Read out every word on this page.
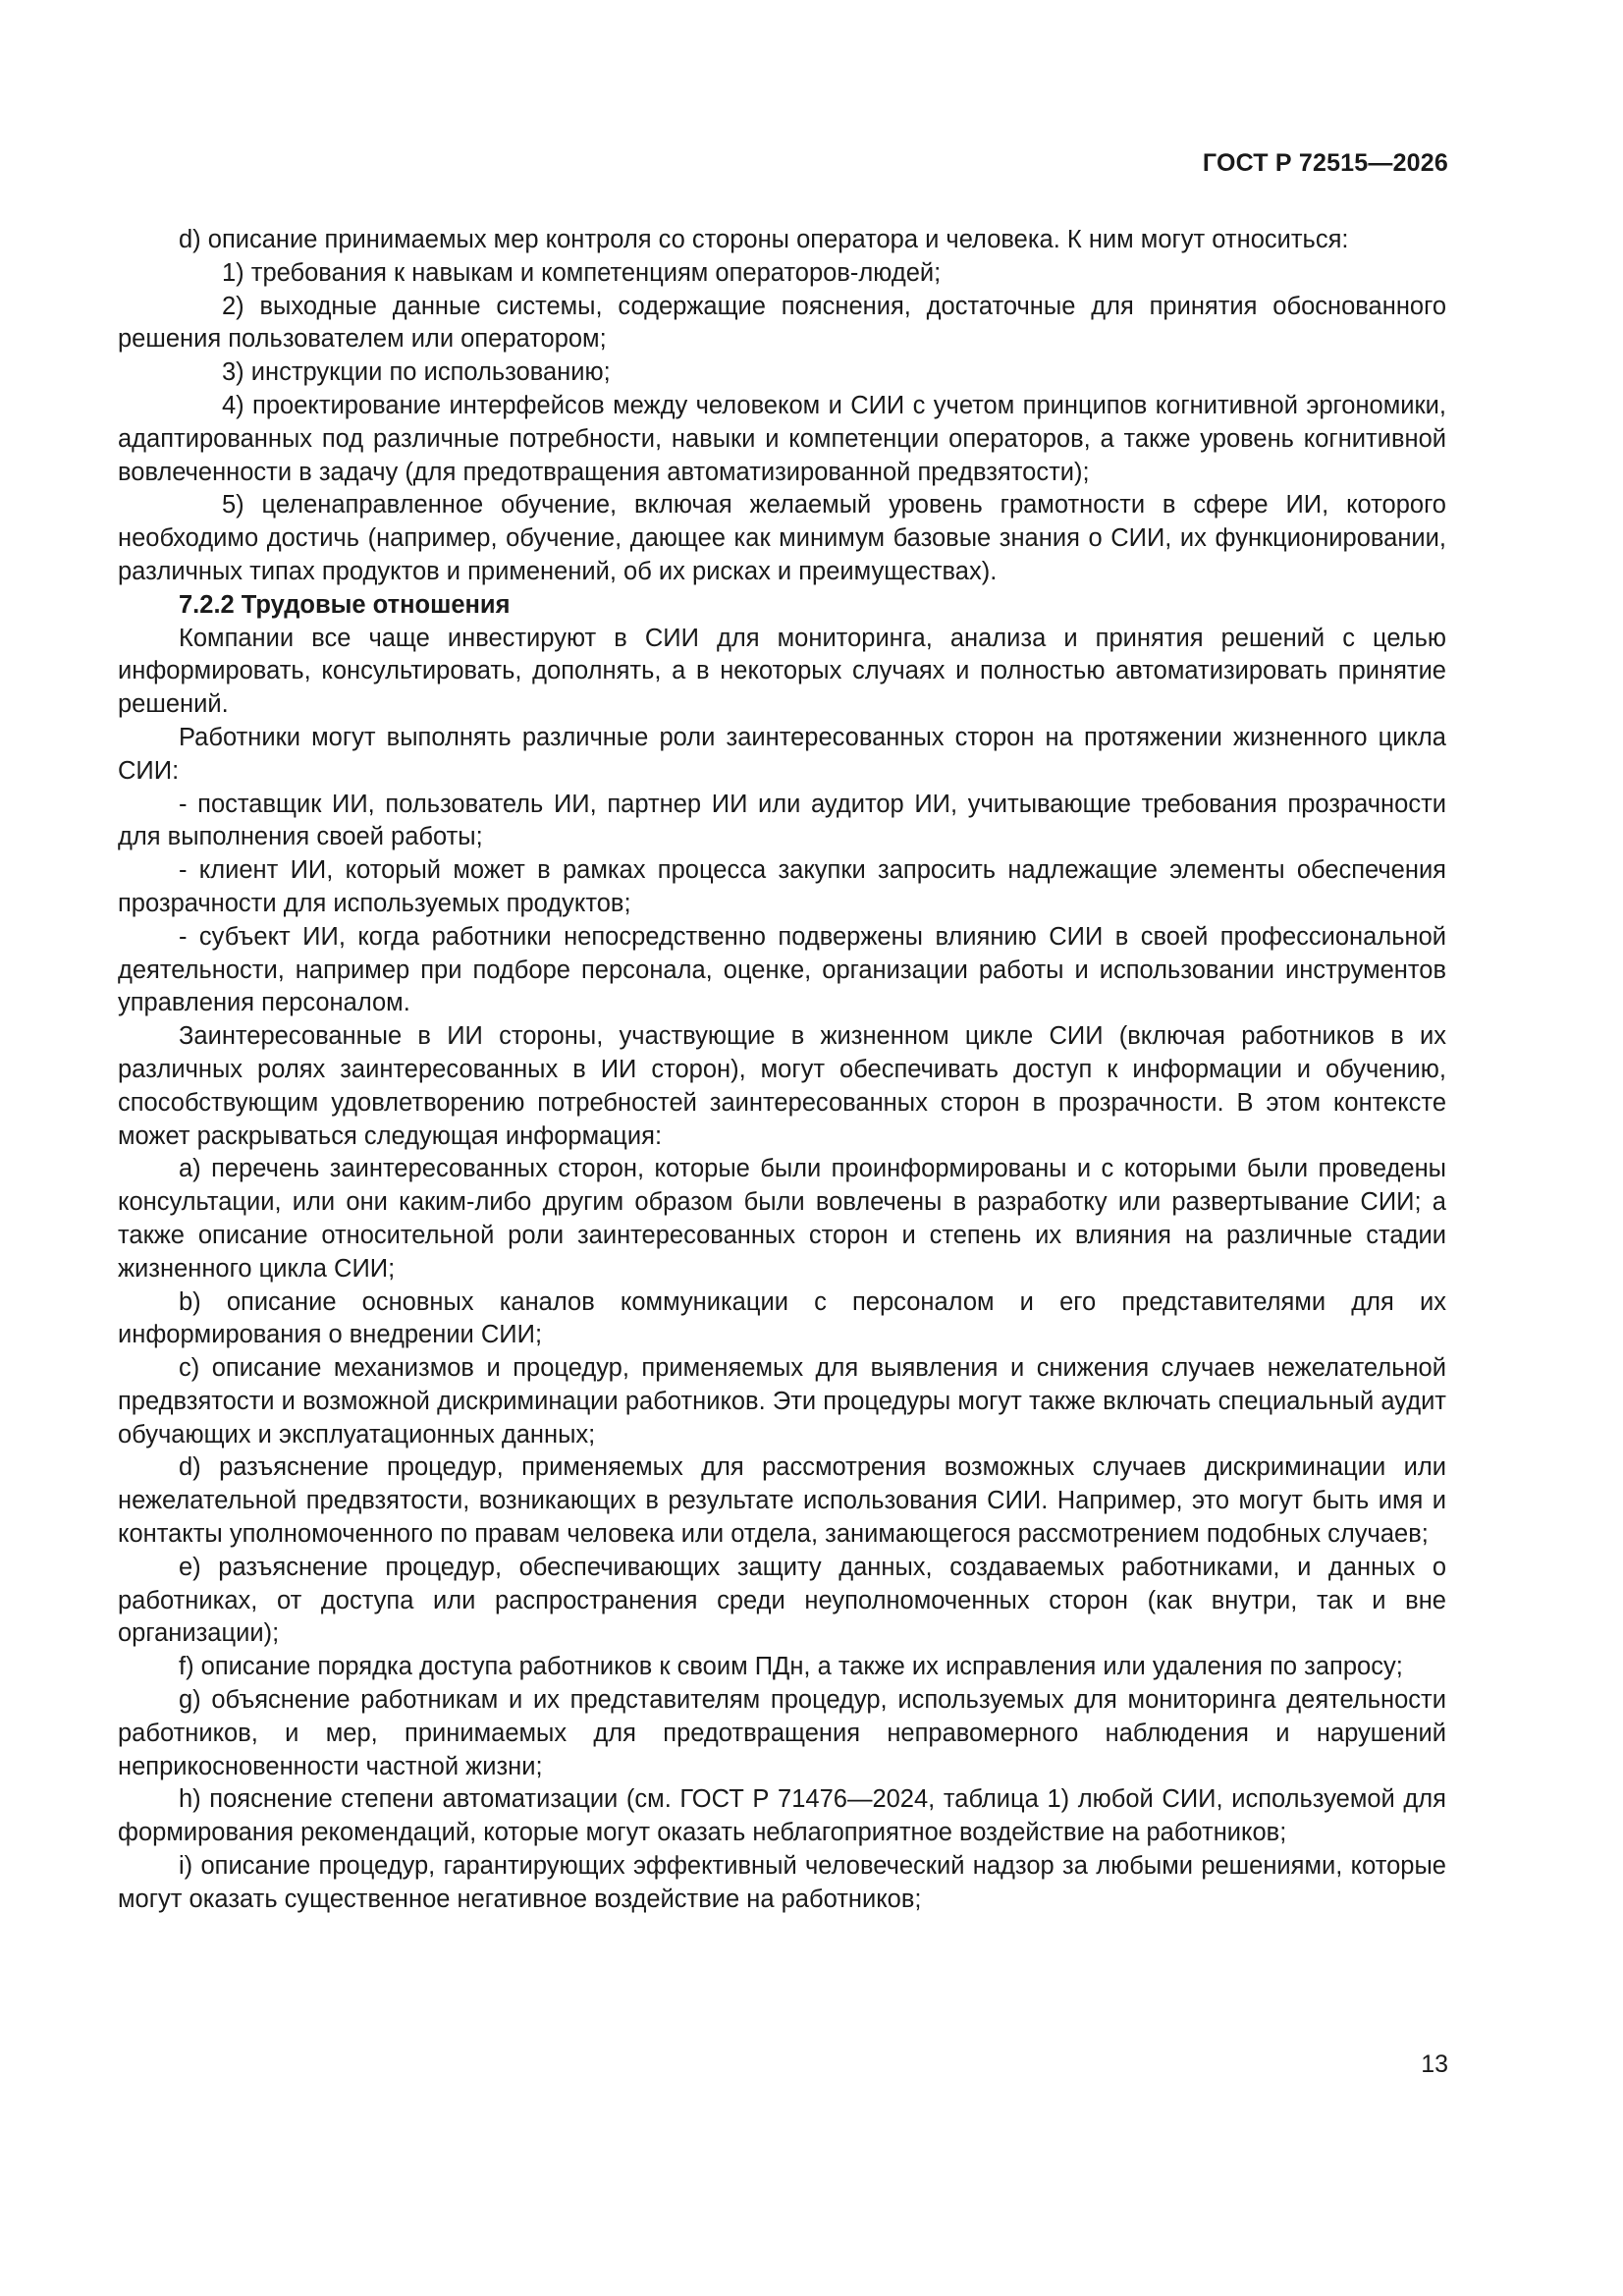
ГОСТ Р 72515—2026

d) описание принимаемых мер контроля со стороны оператора и человека. К ним могут относиться:

1) требования к навыкам и компетенциям операторов-людей;

2) выходные данные системы, содержащие пояснения, достаточные для принятия обоснованного решения пользователем или оператором;

3) инструкции по использованию;

4) проектирование интерфейсов между человеком и СИИ с учетом принципов когнитивной эргономики, адаптированных под различные потребности, навыки и компетенции операторов, а также уровень когнитивной вовлеченности в задачу (для предотвращения автоматизированной предвзятости);

5) целенаправленное обучение, включая желаемый уровень грамотности в сфере ИИ, которого необходимо достичь (например, обучение, дающее как минимум базовые знания о СИИ, их функционировании, различных типах продуктов и применений, об их рисках и преимуществах).

7.2.2 Трудовые отношения

Компании все чаще инвестируют в СИИ для мониторинга, анализа и принятия решений с целью информировать, консультировать, дополнять, а в некоторых случаях и полностью автоматизировать принятие решений.

Работники могут выполнять различные роли заинтересованных сторон на протяжении жизненного цикла СИИ:

- поставщик ИИ, пользователь ИИ, партнер ИИ или аудитор ИИ, учитывающие требования прозрачности для выполнения своей работы;

- клиент ИИ, который может в рамках процесса закупки запросить надлежащие элементы обеспечения прозрачности для используемых продуктов;

- субъект ИИ, когда работники непосредственно подвержены влиянию СИИ в своей профессиональной деятельности, например при подборе персонала, оценке, организации работы и использовании инструментов управления персоналом.

Заинтересованные в ИИ стороны, участвующие в жизненном цикле СИИ (включая работников в их различных ролях заинтересованных в ИИ сторон), могут обеспечивать доступ к информации и обучению, способствующим удовлетворению потребностей заинтересованных сторон в прозрачности. В этом контексте может раскрываться следующая информация:

a) перечень заинтересованных сторон, которые были проинформированы и с которыми были проведены консультации, или они каким-либо другим образом были вовлечены в разработку или развертывание СИИ; а также описание относительной роли заинтересованных сторон и степень их влияния на различные стадии жизненного цикла СИИ;

b) описание основных каналов коммуникации с персоналом и его представителями для их информирования о внедрении СИИ;

c) описание механизмов и процедур, применяемых для выявления и снижения случаев нежелательной предвзятости и возможной дискриминации работников. Эти процедуры могут также включать специальный аудит обучающих и эксплуатационных данных;

d) разъяснение процедур, применяемых для рассмотрения возможных случаев дискриминации или нежелательной предвзятости, возникающих в результате использования СИИ. Например, это могут быть имя и контакты уполномоченного по правам человека или отдела, занимающегося рассмотрением подобных случаев;

e) разъяснение процедур, обеспечивающих защиту данных, создаваемых работниками, и данных о работниках, от доступа или распространения среди неуполномоченных сторон (как внутри, так и вне организации);

f) описание порядка доступа работников к своим ПДн, а также их исправления или удаления по запросу;

g) объяснение работникам и их представителям процедур, используемых для мониторинга деятельности работников, и мер, принимаемых для предотвращения неправомерного наблюдения и нарушений неприкосновенности частной жизни;

h) пояснение степени автоматизации (см. ГОСТ Р 71476—2024, таблица 1) любой СИИ, используемой для формирования рекомендаций, которые могут оказать неблагоприятное воздействие на работников;

i) описание процедур, гарантирующих эффективный человеческий надзор за любыми решениями, которые могут оказать существенное негативное воздействие на работников;

13
